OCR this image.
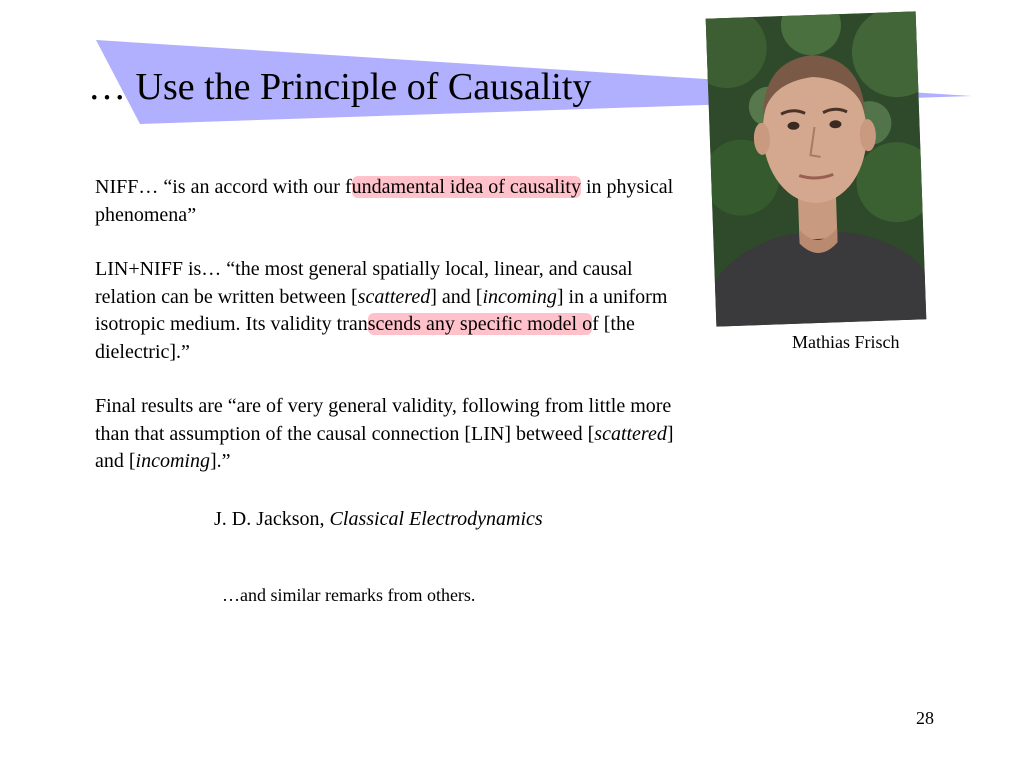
… Use the Principle of Causality

NIFF… “is an accord with our fundamental idea of causality in physical phenomena”

LIN+NIFF is… “the most general spatially local, linear, and causal relation can be written between [scattered] and [incoming] in a uniform isotropic medium. Its validity transcends any specific model of [the dielectric].”

Final results are “are of very general validity, following from little more than that assumption of the causal connection [LIN] betweed [scattered] and [incoming].”

J. D. Jackson, Classical Electrodynamics
…and similar remarks from others.
Mathias Frisch
28
